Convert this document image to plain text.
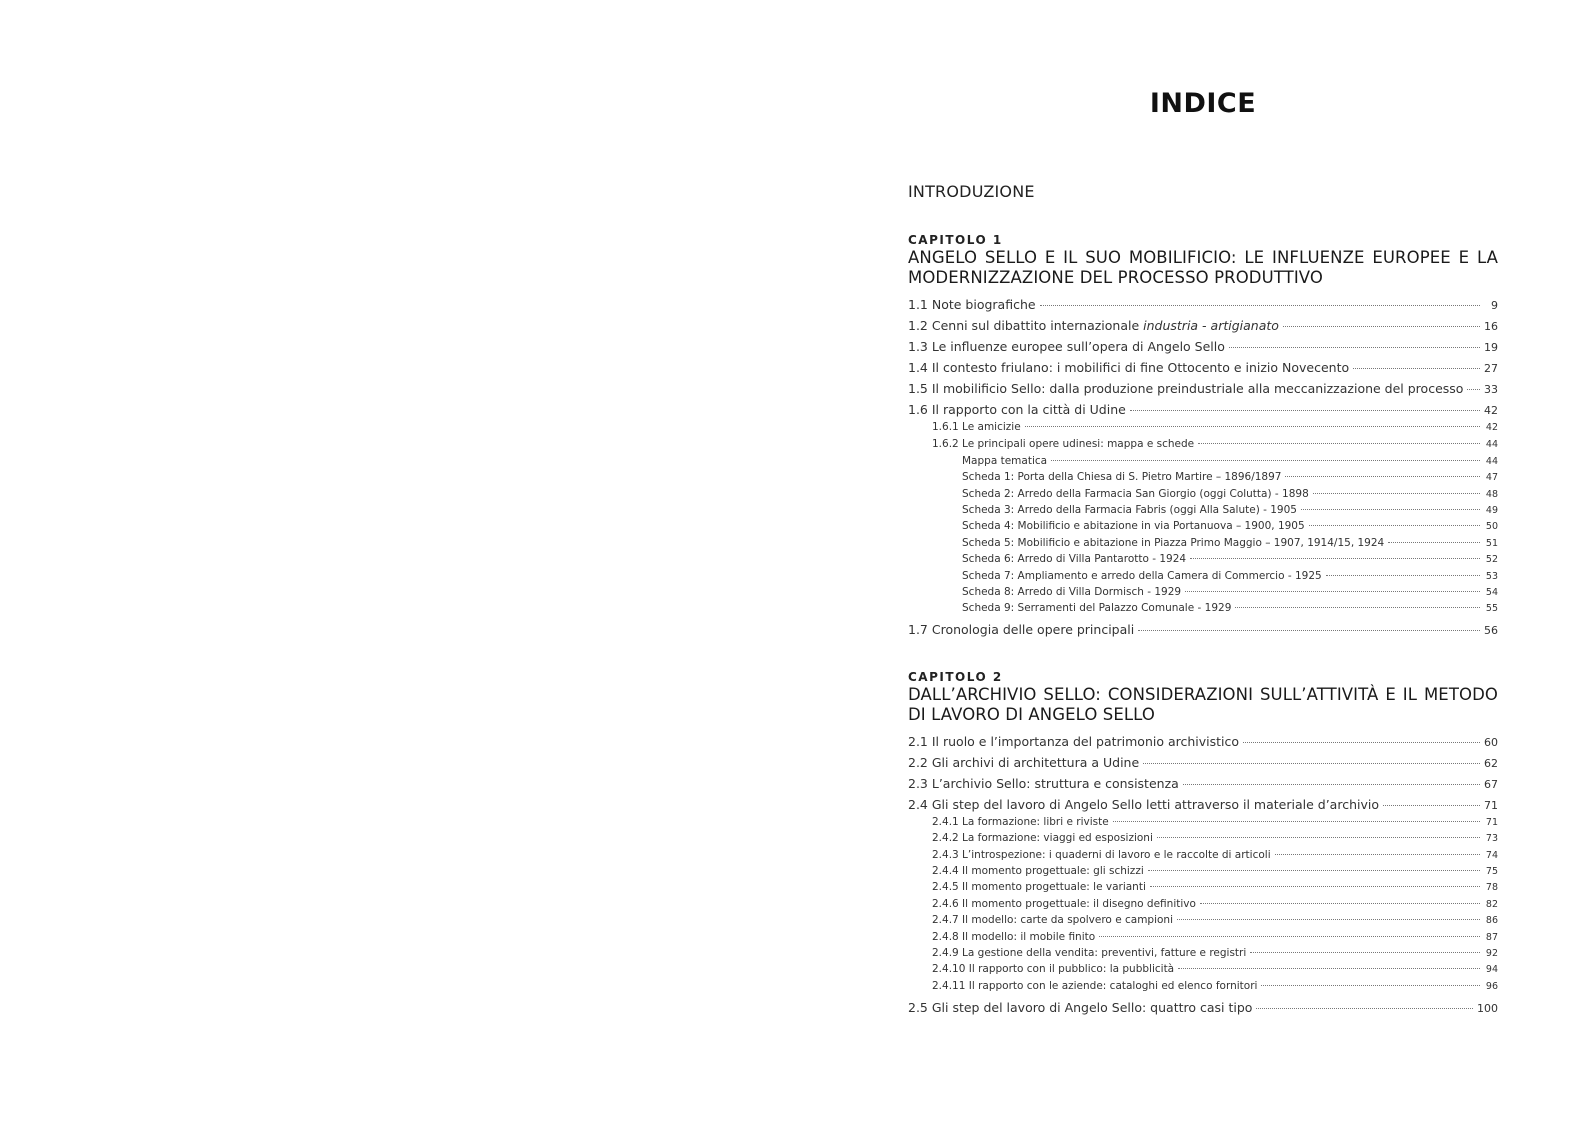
INDICE
INTRODUZIONE
CAPITOLO 1
ANGELO SELLO E IL SUO MOBILIFICIO: LE INFLUENZE EUROPEE E LA MODERNIZZAZIONE DEL PROCESSO PRODUTTIVO
1.1 Note biografiche	9
1.2 Cenni sul dibattito internazionale industria - artigianato	16
1.3 Le influenze europee sull’opera di Angelo Sello	19
1.4 Il contesto friulano: i mobilifici di fine Ottocento e inizio Novecento	27
1.5 Il mobilificio Sello: dalla produzione preindustriale alla meccanizzazione del processo 33
1.6 Il rapporto con la città di Udine	42
1.6.1 Le amicizie	42
1.6.2 Le principali opere udinesi: mappa e schede	44
Mappa tematica	44
Scheda 1: Porta della Chiesa di S. Pietro Martire – 1896/1897	47
Scheda 2: Arredo della Farmacia San Giorgio (oggi Colutta) - 1898	48
Scheda 3: Arredo della Farmacia Fabris (oggi Alla Salute) - 1905	49
Scheda 4: Mobilificio e abitazione in via Portanuova – 1900, 1905	50
Scheda 5: Mobilificio e abitazione in Piazza Primo Maggio – 1907, 1914/15, 1924	51
Scheda 6: Arredo di Villa Pantarotto - 1924	52
Scheda 7: Ampliamento e arredo della Camera di Commercio - 1925	53
Scheda 8: Arredo di Villa Dormisch - 1929	54
Scheda 9: Serramenti del Palazzo Comunale - 1929	55
1.7 Cronologia delle opere principali	56
CAPITOLO 2
DALL’ARCHIVIO SELLO: CONSIDERAZIONI SULL’ATTIVITÀ E IL METODO DI LAVORO DI ANGELO SELLO
2.1 Il ruolo e l’importanza del patrimonio archivistico	60
2.2 Gli archivi di architettura a Udine	62
2.3 L’archivio Sello: struttura e consistenza	67
2.4 Gli step del lavoro di Angelo Sello letti attraverso il materiale d’archivio	71
2.4.1 La formazione: libri e riviste	71
2.4.2 La formazione: viaggi ed esposizioni	73
2.4.3 L’introspezione: i quaderni di lavoro e le raccolte di articoli	74
2.4.4 Il momento progettuale: gli schizzi	75
2.4.5 Il momento progettuale: le varianti	78
2.4.6 Il momento progettuale: il disegno definitivo	82
2.4.7 Il modello: carte da spolvero e campioni	86
2.4.8 Il modello: il mobile finito	87
2.4.9 La gestione della vendita: preventivi, fatture e registri	92
2.4.10 Il rapporto con il pubblico: la pubblicità	94
2.4.11 Il rapporto con le aziende: cataloghi ed elenco fornitori	96
2.5 Gli step del lavoro di Angelo Sello: quattro casi tipo	100
